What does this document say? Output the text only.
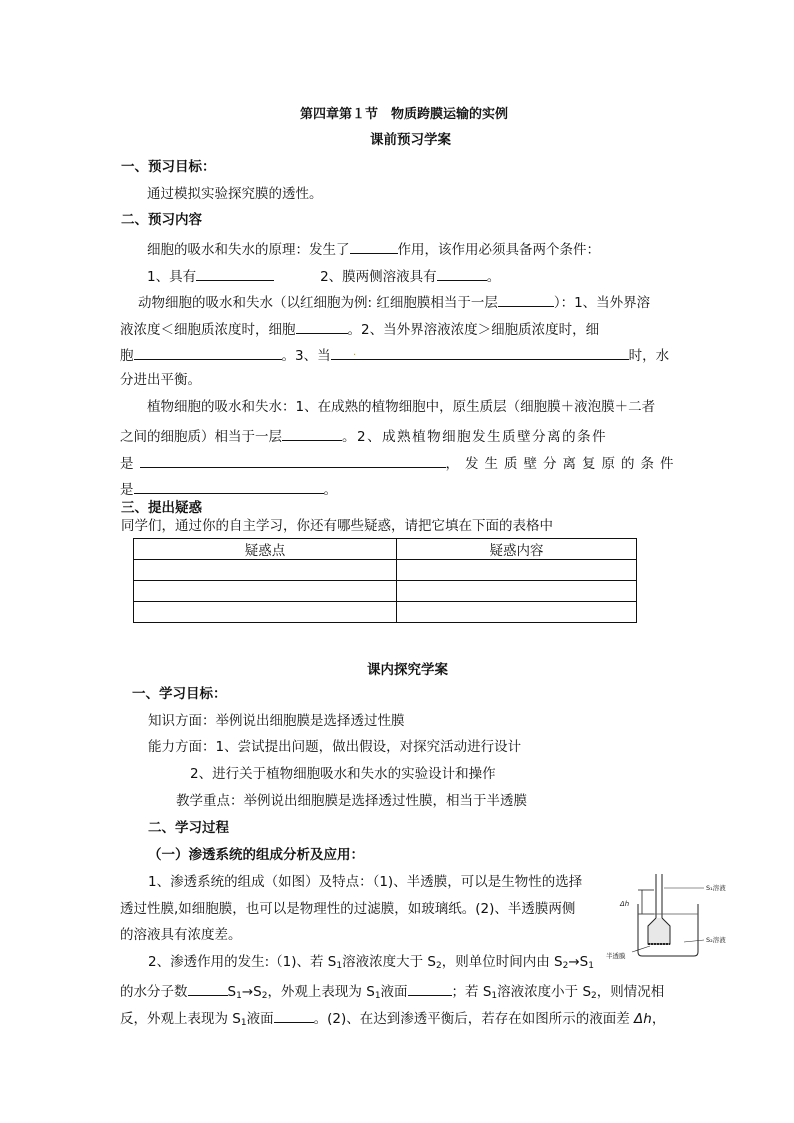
第四章第１节　物质跨膜运输的实例
课前预习学案
一、预习目标：
通过模拟实验探究膜的透性。
二、预习内容
细胞的吸水和失水的原理：发生了	作用，该作用必须具备两个条件：
1、具有	2、膜两侧溶液具有	。
动物细胞的吸水和失水（以红细胞为例: 红细胞膜相当于一层	）：1、当外界溶
液浓度＜细胞质浓度时，细胞	。2、当外界溶液浓度＞细胞质浓度时，细
胞	。3、当	时，水
.
分进出平衡。
植物细胞的吸水和失水：1、在成熟的植物细胞中，原生质层（细胞膜＋液泡膜＋二者
之间的细胞质）相当于一层	。2、成熟植物细胞发生质壁分离的条件
是	，发生质壁分离复原的条件
是	。
三、提出疑惑
同学们，通过你的自主学习，你还有哪些疑惑，请把它填在下面的表格中
疑惑点	疑惑内容

课内探究学案
一、学习目标：
知识方面：举例说出细胞膜是选择透过性膜
能力方面：1、尝试提出问题，做出假设，对探究活动进行设计
2、进行关于植物细胞吸水和失水的实验设计和操作
教学重点：举例说出细胞膜是选择透过性膜，相当于半透膜
二、学习过程
（一）渗透系统的组成分析及应用：
1、渗透系统的组成（如图）及特点：（1)、半透膜，可以是生物性的选择
透过性膜,如细胞膜，也可以是物理性的过滤膜，如玻璃纸。(2)、半透膜两侧
的溶液具有浓度差。
2、渗透作用的发生:（1)、若 $S_1$溶液浓度大于 $S_2$，则单位时间内由 $S_2\to S_1$
的水分子数	$S_1\to S_2$，外观上表现为 $S_1$液面	；若 $S_1$溶液浓度小于 $S_2$，则情况相
反，外观上表现为 $S_1$液面	。(2)、在达到渗透平衡后，若存在如图所示的液面差 Δh，
Δh
S₁溶液
S₂溶液
半透膜
